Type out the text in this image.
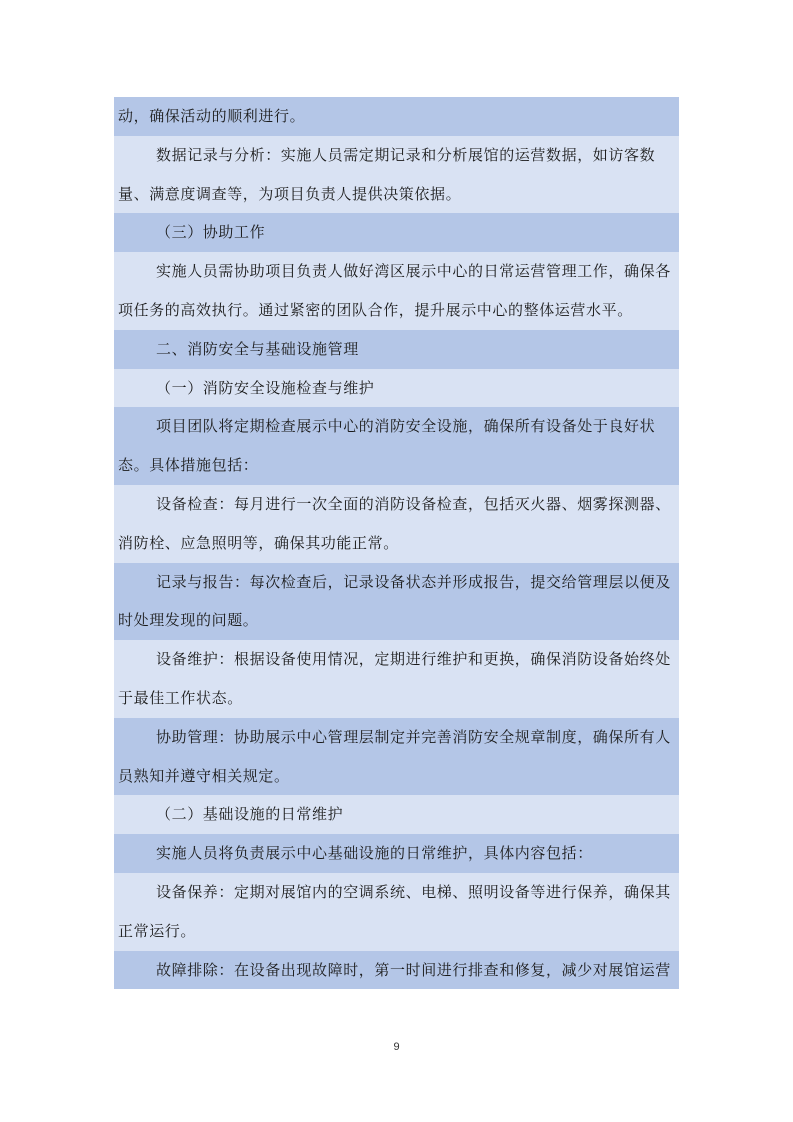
动，确保活动的顺利进行。
数据记录与分析：实施人员需定期记录和分析展馆的运营数据，如访客数量、满意度调查等，为项目负责人提供决策依据。
（三）协助工作
实施人员需协助项目负责人做好湾区展示中心的日常运营管理工作，确保各项任务的高效执行。通过紧密的团队合作，提升展示中心的整体运营水平。
二、消防安全与基础设施管理
（一）消防安全设施检查与维护
项目团队将定期检查展示中心的消防安全设施，确保所有设备处于良好状态。具体措施包括：
设备检查：每月进行一次全面的消防设备检查，包括灭火器、烟雾探测器、消防栓、应急照明等，确保其功能正常。
记录与报告：每次检查后，记录设备状态并形成报告，提交给管理层以便及时处理发现的问题。
设备维护：根据设备使用情况，定期进行维护和更换，确保消防设备始终处于最佳工作状态。
协助管理：协助展示中心管理层制定并完善消防安全规章制度，确保所有人员熟知并遵守相关规定。
（二）基础设施的日常维护
实施人员将负责展示中心基础设施的日常维护，具体内容包括：
设备保养：定期对展馆内的空调系统、电梯、照明设备等进行保养，确保其正常运行。
故障排除：在设备出现故障时，第一时间进行排查和修复，减少对展馆运营
9
